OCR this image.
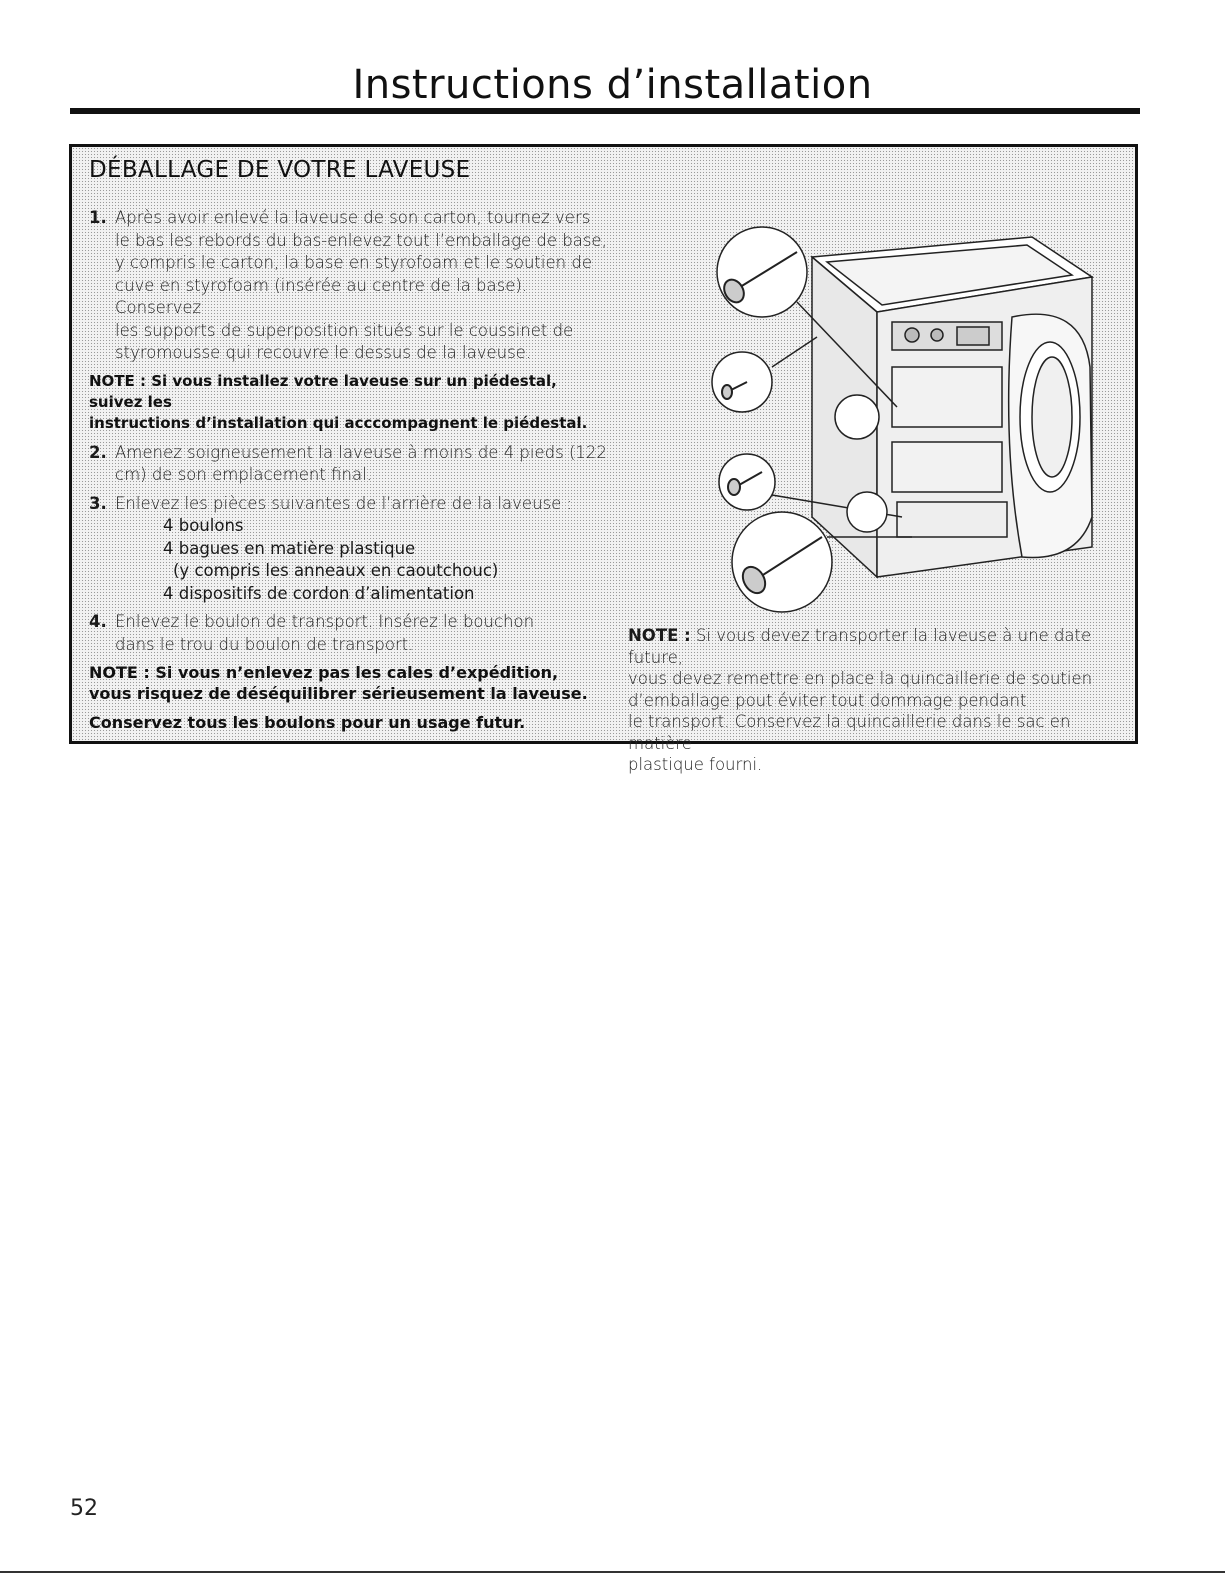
Instructions d’installation
DÉBALLAGE DE VOTRE LAVEUSE
1. Après avoir enlevé la laveuse de son carton, tournez vers
le bas les rebords du bas-enlevez tout l’emballage de base,
y compris le carton, la base en styrofoam et le soutien de
cuve en styrofoam (insérée au centre de la base). Conservez
les supports de superposition situés sur le coussinet de
styromousse qui recouvre le dessus de la laveuse.
NOTE : Si vous installez votre laveuse sur un piédestal, suivez les
instructions d’installation qui acccompagnent le piédestal.
2. Amenez soigneusement la laveuse à moins de 4 pieds (122
cm) de son emplacement final.
3. Enlevez les pièces suivantes de l’arrière de la laveuse :
4 boulons
4 bagues en matière plastique
(y compris les anneaux en caoutchouc)
4 dispositifs de cordon d’alimentation
4. Enlevez le boulon de transport. Insérez le bouchon
dans le trou du boulon de transport.
NOTE : Si vous n’enlevez pas les cales d’expédition,
vous risquez de déséquilibrer sérieusement la laveuse.
Conservez tous les boulons pour un usage futur.
NOTE : Si vous devez transporter la laveuse à une date future,
vous devez remettre en place la quincaillerie de soutien
d’emballage pout éviter tout dommage pendant
le transport. Conservez la quincaillerie dans le sac en matière
plastique fourni.
52
